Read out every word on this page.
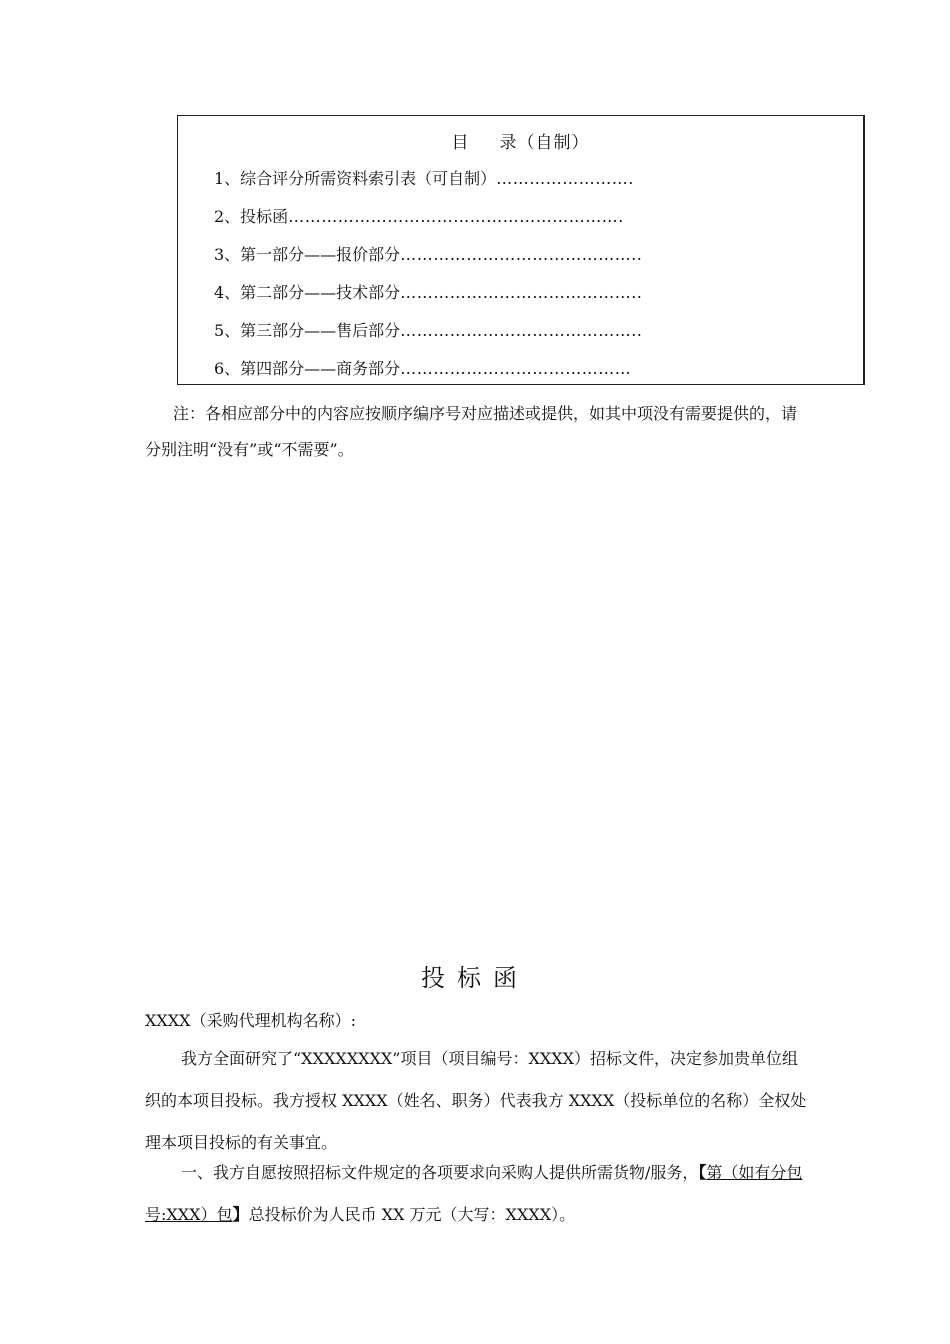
目 录（自制）
1、综合评分所需资料索引表（可自制）…………………….
2、投标函…………………………………………………….
3、第一部分——报价部分……………………………………..
4、第二部分——技术部分……………………………………..
5、第三部分——售后部分……………………………………..
6、第四部分——商务部分……………………………………
注：各相应部分中的内容应按顺序编序号对应描述或提供，如其中项没有需要提供的，请分别注明“没有”或“不需要”。
投标函
XXXX（采购代理机构名称）:
我方全面研究了“XXXXXXXX”项目（项目编号：XXXX）招标文件，决定参加贵单位组织的本项目投标。我方授权 XXXX（姓名、职务）代表我方 XXXX（投标单位的名称）全权处理本项目投标的有关事宜。
一、我方自愿按照招标文件规定的各项要求向采购人提供所需货物/服务，【第（如有分包号:XXX）包】总投标价为人民币 XX 万元（大写：XXXX）。
